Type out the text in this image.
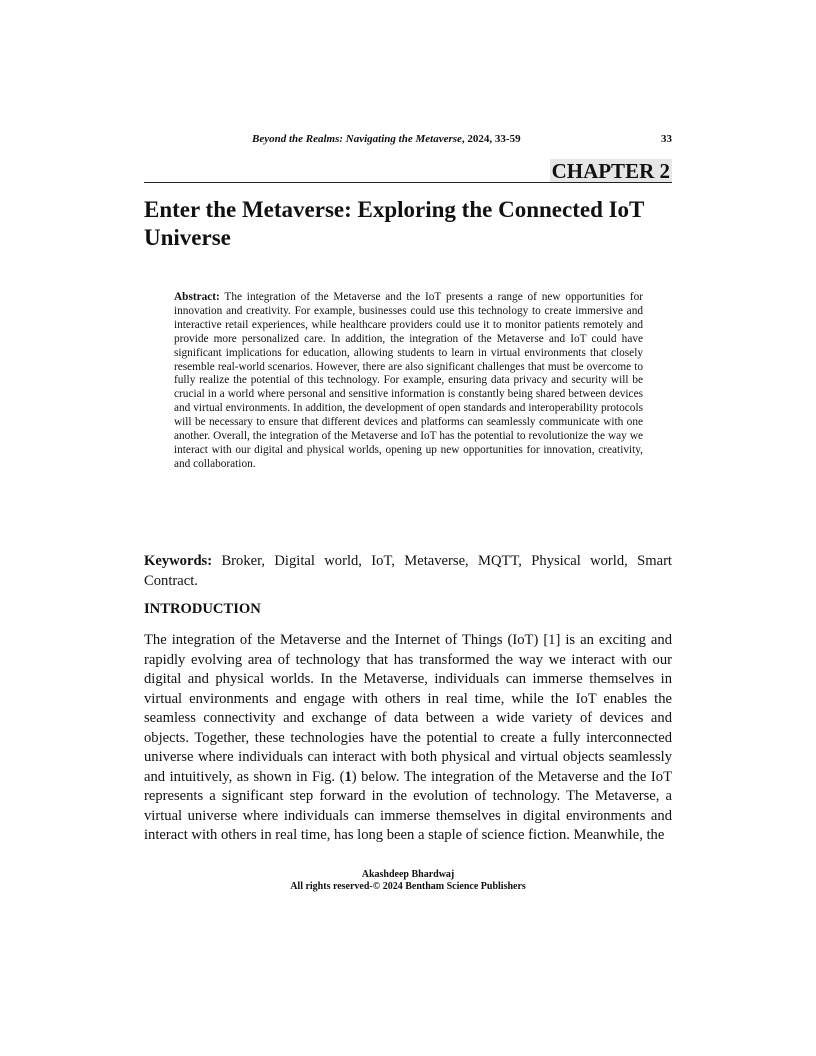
Beyond the Realms: Navigating the Metaverse, 2024, 33-59	33
CHAPTER 2
Enter the Metaverse: Exploring the Connected IoT Universe

Abstract: The integration of the Metaverse and the IoT presents a range of new opportunities for innovation and creativity. For example, businesses could use this technology to create immersive and interactive retail experiences, while healthcare providers could use it to monitor patients remotely and provide more personalized care. In addition, the integration of the Metaverse and IoT could have significant implications for education, allowing students to learn in virtual environments that closely resemble real-world scenarios. However, there are also significant challenges that must be overcome to fully realize the potential of this technology. For example, ensuring data privacy and security will be crucial in a world where personal and sensitive information is constantly being shared between devices and virtual environments. In addition, the development of open standards and interoperability protocols will be necessary to ensure that different devices and platforms can seamlessly communicate with one another. Overall, the integration of the Metaverse and IoT has the potential to revolutionize the way we interact with our digital and physical worlds, opening up new opportunities for innovation, creativity, and collaboration.

Keywords: Broker, Digital world, IoT, Metaverse, MQTT, Physical world, Smart Contract.

INTRODUCTION

The integration of the Metaverse and the Internet of Things (IoT) [1] is an exciting and rapidly evolving area of technology that has transformed the way we interact with our digital and physical worlds. In the Metaverse, individuals can immerse themselves in virtual environments and engage with others in real time, while the IoT enables the seamless connectivity and exchange of data between a wide variety of devices and objects. Together, these technologies have the potential to create a fully interconnected universe where individuals can interact with both physical and virtual objects seamlessly and intuitively, as shown in Fig. (1) below. The integration of the Metaverse and the IoT represents a significant step forward in the evolution of technology. The Metaverse, a virtual universe where individuals can immerse themselves in digital environments and interact with others in real time, has long been a staple of science fiction. Meanwhile, the

Akashdeep Bhardwaj
All rights reserved-© 2024 Bentham Science Publishers
